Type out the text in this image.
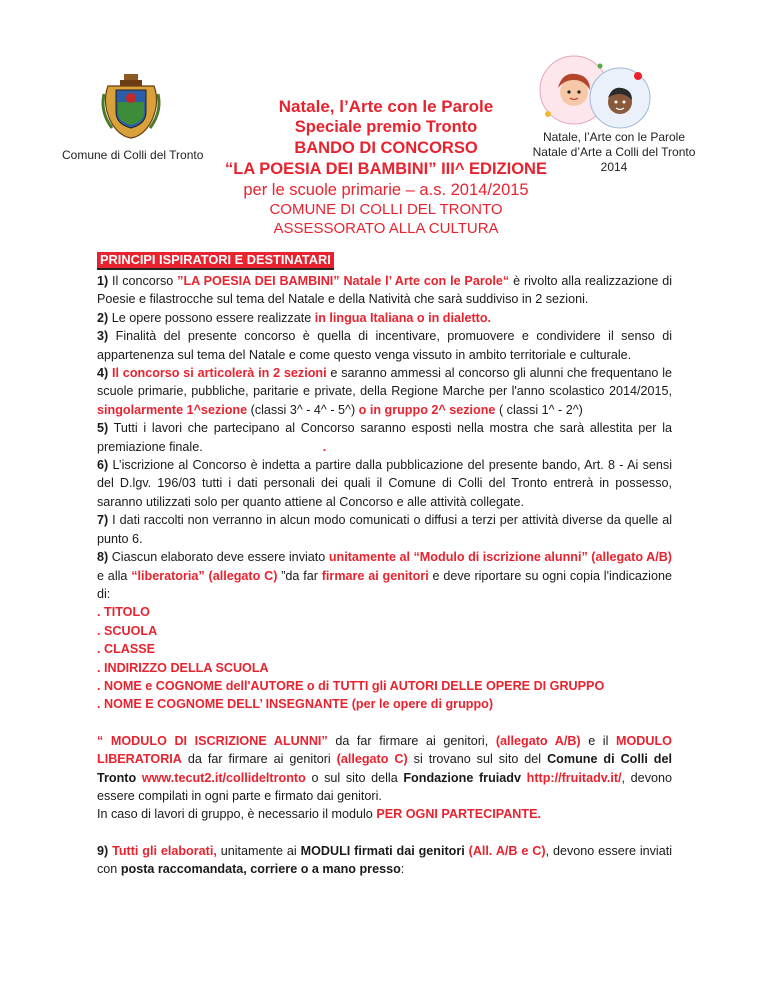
Comune di Colli del Tronto
Natale, l’Arte con le Parole
Speciale premio Tronto
BANDO DI CONCORSO
“LA POESIA DEI BAMBINI” III^ EDIZIONE
per le scuole primarie – a.s. 2014/2015
COMUNE DI COLLI DEL TRONTO
ASSESSORATO ALLA CULTURA
Natale, l’Arte con le Parole
Natale d’Arte a Colli del Tronto 2014
PRINCIPI ISPIRATORI E DESTINATARI

1) Il concorso ”LA POESIA DEI BAMBINI” Natale l’ Arte con le Parole“ è rivolto alla realizzazione di Poesie e filastrocche sul tema del Natale e della Natività che sarà suddiviso in 2 sezioni.

2) Le opere possono essere realizzate in lingua Italiana o in dialetto.

3) Finalità del presente concorso è quella di incentivare, promuovere e condividere il senso di appartenenza sul tema del Natale e come questo venga vissuto in ambito territoriale e culturale.

4) Il concorso si articolerà in 2 sezioni e saranno ammessi al concorso gli alunni che frequentano le scuole primarie, pubbliche, paritarie e private, della Regione Marche per l'anno scolastico 2014/2015, singolarmente 1^sezione (classi 3^ - 4^ - 5^) o in gruppo 2^ sezione ( classi 1^ - 2^)

5) Tutti i lavori che partecipano al Concorso saranno esposti nella mostra che sarà allestita per la premiazione finale.	.

6) L’iscrizione al Concorso è indetta a partire dalla pubblicazione del presente bando, Art. 8 - Ai sensi del D.lgv. 196/03 tutti i dati personali dei quali il Comune di Colli del Tronto entrerà in possesso, saranno utilizzati solo per quanto attiene al Concorso e alle attività collegate.

7) I dati raccolti non verranno in alcun modo comunicati o diffusi a terzi per attività diverse da quelle al punto 6.

8) Ciascun elaborato deve essere inviato unitamente al “Modulo di iscrizione alunni” (allegato A/B) e alla “liberatoria” (allegato C) ”da far firmare ai genitori e deve riportare su ogni copia l'indicazione di:

. TITOLO

. SCUOLA

. CLASSE

. INDIRIZZO DELLA SCUOLA

. NOME e COGNOME dell'AUTORE o di TUTTI gli AUTORI DELLE OPERE DI GRUPPO

. NOME E COGNOME DELL’ INSEGNANTE (per le opere di gruppo)

“ MODULO DI ISCRIZIONE ALUNNI” da far firmare ai genitori, (allegato A/B) e il MODULO LIBERATORIA da far firmare ai genitori (allegato C) si trovano sul sito del Comune di Colli del Tronto www.tecut2.it/collideltronto o sul sito della Fondazione fruiadv http://fruitadv.it/, devono essere compilati in ogni parte e firmato dai genitori.

In caso di lavori di gruppo, è necessario il modulo PER OGNI PARTECIPANTE.

9) Tutti gli elaborati, unitamente ai MODULI firmati dai genitori (All. A/B e C), devono essere inviati con posta raccomandata, corriere o a mano presso:
